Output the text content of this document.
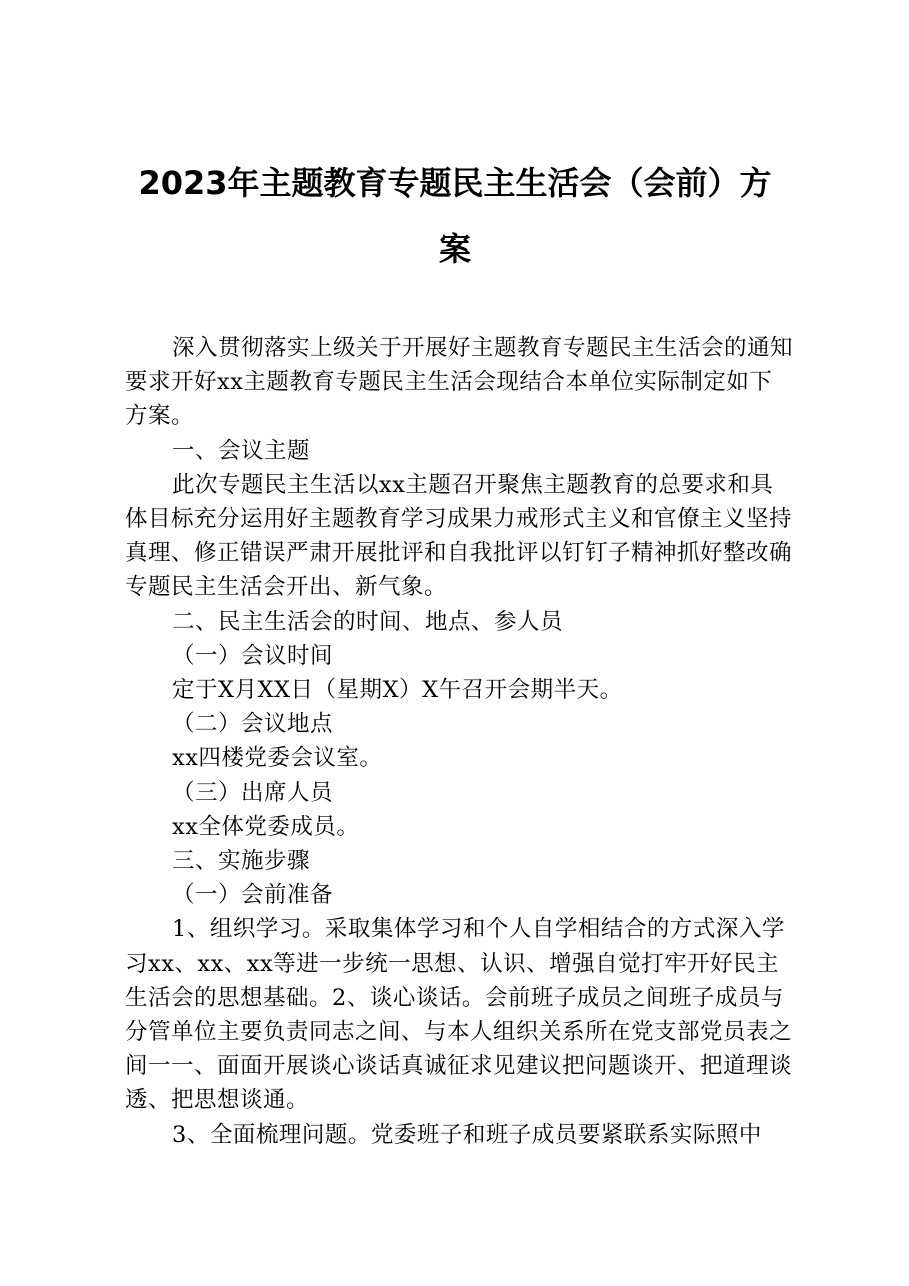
2023年主题教育专题民主生活会（会前）方
案

深入贯彻落实上级关于开展好主题教育专题民主生活会的通知要求开好xx主题教育专题民主生活会现结合本单位实际制定如下方案。

一、会议主题

此次专题民主生活以xx主题召开聚焦主题教育的总要求和具体目标充分运用好主题教育学习成果力戒形式主义和官僚主义坚持真理、修正错误严肃开展批评和自我批评以钉钉子精神抓好整改确专题民主生活会开出、新气象。

二、民主生活会的时间、地点、参人员

（一）会议时间

定于X月XX日（星期X）X午召开会期半天。

（二）会议地点

xx四楼党委会议室。

（三）出席人员

xx全体党委成员。

三、实施步骤

（一）会前准备

1、组织学习。采取集体学习和个人自学相结合的方式深入学习xx、xx、xx等进一步统一思想、认识、增强自觉打牢开好民主生活会的思想基础。2、谈心谈话。会前班子成员之间班子成员与分管单位主要负责同志之间、与本人组织关系所在党支部党员表之间一一、面面开展谈心谈话真诚征求见建议把问题谈开、把道理谈透、把思想谈通。

3、全面梳理问题。党委班子和班子成员要紧联系实际照中
